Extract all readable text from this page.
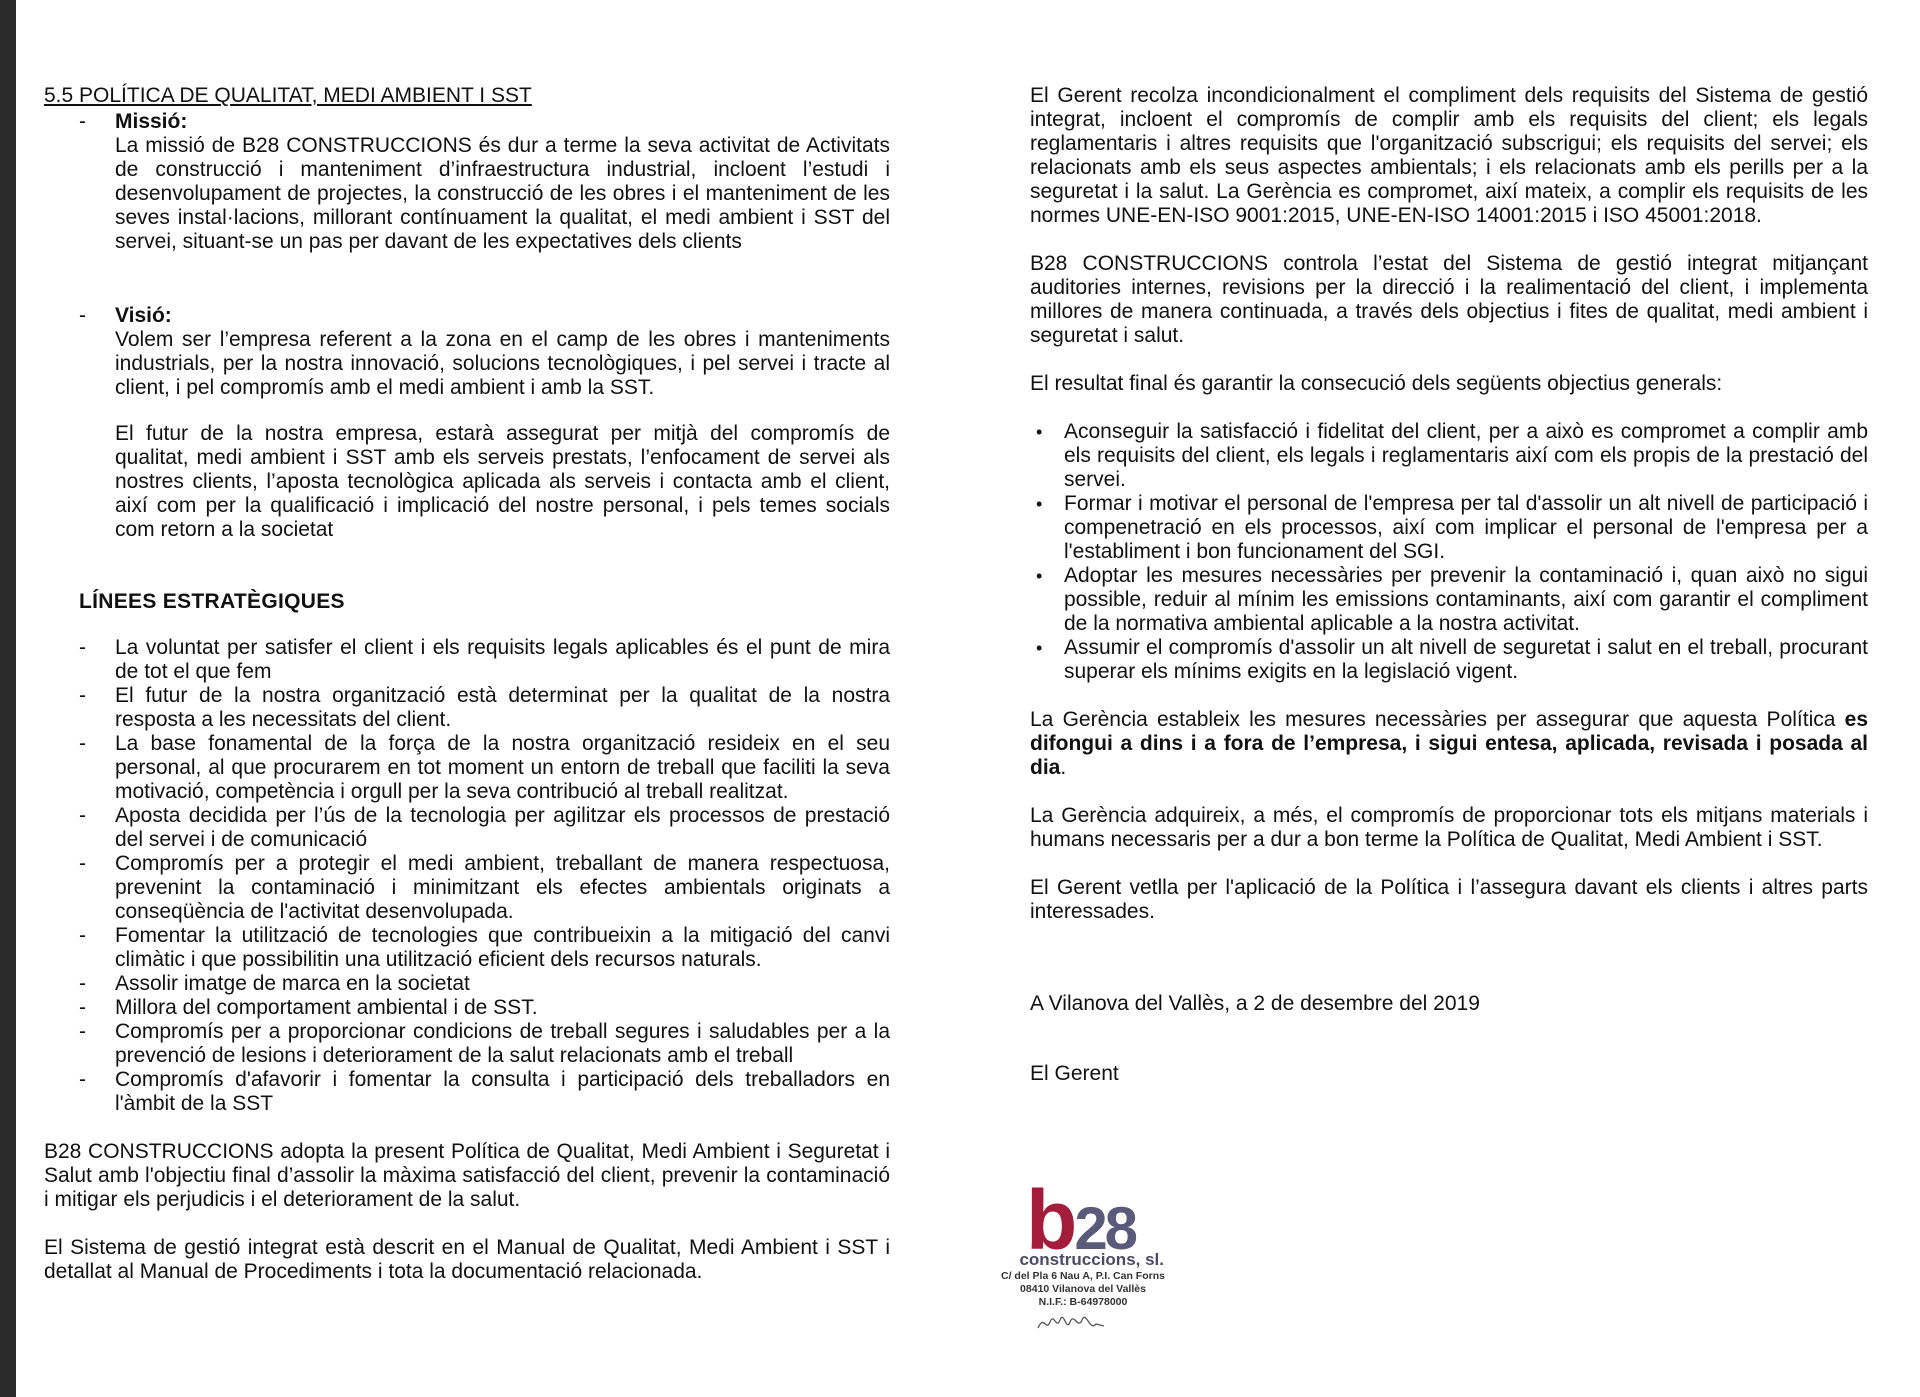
5.5 POLÍTICA DE QUALITAT, MEDI AMBIENT I SST
- Missió:
La missió de B28 CONSTRUCCIONS és dur a terme la seva activitat de Activitats de construcció i manteniment d’infraestructura industrial, incloent l’estudi i desenvolupament de projectes, la construcció de les obres i el manteniment de les seves instal·lacions, millorant contínuament la qualitat, el medi ambient i SST del servei, situant-se un pas per davant de les expectatives dels clients
- Visió:
Volem ser l’empresa referent a la zona en el camp de les obres i manteniments industrials, per la nostra innovació, solucions tecnològiques, i pel servei i tracte al client, i pel compromís amb el medi ambient i amb la SST.
El futur de la nostra empresa, estarà assegurat per mitjà del compromís de qualitat, medi ambient i SST amb els serveis prestats, l’enfocament de servei als nostres clients, l’aposta tecnològica aplicada als serveis i contacta amb el client, així com per la qualificació i implicació del nostre personal, i pels temes socials com retorn a la societat
LÍNEES ESTRATÈGIQUES
- La voluntat per satisfer el client i els requisits legals aplicables és el punt de mira de tot el que fem
- El futur de la nostra organització està determinat per la qualitat de la nostra resposta a les necessitats del client.
- La base fonamental de la força de la nostra organització resideix en el seu personal, al que procurarem en tot moment un entorn de treball que faciliti la seva motivació, competència i orgull per la seva contribució al treball realitzat.
- Aposta decidida per l’ús de la tecnologia per agilitzar els processos de prestació del servei i de comunicació
- Compromís per a protegir el medi ambient, treballant de manera respectuosa, prevenint la contaminació i minimitzant els efectes ambientals originats a conseqüència de l'activitat desenvolupada.
- Fomentar la utilització de tecnologies que contribueixin a la mitigació del canvi climàtic i que possibilitin una utilització eficient dels recursos naturals.
- Assolir imatge de marca en la societat
- Millora del comportament ambiental i de SST.
- Compromís per a proporcionar condicions de treball segures i saludables per a la prevenció de lesions i deteriorament de la salut relacionats amb el treball
- Compromís d'afavorir i fomentar la consulta i participació dels treballadors en l'àmbit de la SST
B28 CONSTRUCCIONS adopta la present Política de Qualitat, Medi Ambient i Seguretat i Salut amb l'objectiu final d’assolir la màxima satisfacció del client, prevenir la contaminació i mitigar els perjudicis i el deteriorament de la salut.
El Sistema de gestió integrat està descrit en el Manual de Qualitat, Medi Ambient i SST i detallat al Manual de Procediments i tota la documentació relacionada.
El Gerent recolza incondicionalment el compliment dels requisits del Sistema de gestió integrat, incloent el compromís de complir amb els requisits del client; els legals reglamentaris i altres requisits que l'organització subscrigui; els requisits del servei; els relacionats amb els seus aspectes ambientals; i els relacionats amb els perills per a la seguretat i la salut. La Gerència es compromet, així mateix, a complir els requisits de les normes UNE-EN-ISO 9001:2015, UNE-EN-ISO 14001:2015 i ISO 45001:2018.
B28 CONSTRUCCIONS controla l’estat del Sistema de gestió integrat mitjançant auditories internes, revisions per la direcció i la realimentació del client, i implementa millores de manera continuada, a través dels objectius i fites de qualitat, medi ambient i seguretat i salut.
El resultat final és garantir la consecució dels següents objectius generals:
• Aconseguir la satisfacció i fidelitat del client, per a això es compromet a complir amb els requisits del client, els legals i reglamentaris així com els propis de la prestació del servei.
• Formar i motivar el personal de l'empresa per tal d'assolir un alt nivell de participació i compenetració en els processos, així com implicar el personal de l'empresa per a l'establiment i bon funcionament del SGI.
• Adoptar les mesures necessàries per prevenir la contaminació i, quan això no sigui possible, reduir al mínim les emissions contaminants, així com garantir el compliment de la normativa ambiental aplicable a la nostra activitat.
• Assumir el compromís d'assolir un alt nivell de seguretat i salut en el treball, procurant superar els mínims exigits en la legislació vigent.
La Gerència estableix les mesures necessàries per assegurar que aquesta Política es difongui a dins i a fora de l’empresa, i sigui entesa, aplicada, revisada i posada al dia.
La Gerència adquireix, a més, el compromís de proporcionar tots els mitjans materials i humans necessaris per a dur a bon terme la Política de Qualitat, Medi Ambient i SST.
El Gerent vetlla per l'aplicació de la Política i l’assegura davant els clients i altres parts interessades.
A Vilanova del Vallès, a 2 de desembre del 2019
El Gerent
b28
construccions, sl.
C/ del Pla 6 Nau A, P.I. Can Forns
08410 Vilanova del Vallès
N.I.F.: B-64978000
